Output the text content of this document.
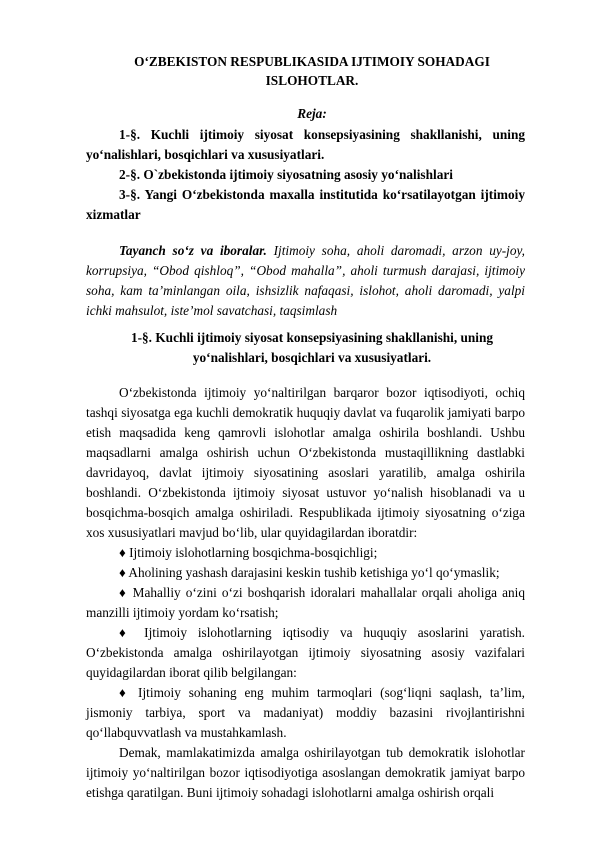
O‘ZBEKISTON RESPUBLIKASIDA IJTIMOIY SOHADAGI
ISLOHOTLAR.
Reja:
1-§. Kuchli ijtimoiy siyosat konsepsiyasining shakllanishi, uning yo‘nalishlari, bosqichlari va xususiyatlari.
2-§. O`zbekistonda ijtimoiy siyosatning asosiy yo‘nalishlari
3-§. Yangi O‘zbekistonda maxalla institutida ko‘rsatilayotgan ijtimoiy xizmatlar
Tayanch so‘z va iboralar. Ijtimoiy soha, aholi daromadi, arzon uy-joy, korrupsiya, “Obod qishloq”, “Obod mahalla”, aholi turmush darajasi, ijtimoiy soha, kam ta’minlangan oila, ishsizlik nafaqasi, islohot, aholi daromadi, yalpi ichki mahsulot, iste’mol savatchasi, taqsimlash
1-§. Kuchli ijtimoiy siyosat konsepsiyasining shakllanishi, uning
yo‘nalishlari, bosqichlari va xususiyatlari.
O‘zbekistonda ijtimoiy yo‘naltirilgan barqaror bozor iqtisodiyoti, ochiq tashqi siyosatga ega kuchli demokratik huquqiy davlat va fuqarolik jamiyati barpo etish maqsadida keng qamrovli islohotlar amalga oshirila boshlandi. Ushbu maqsadlarni amalga oshirish uchun O‘zbekistonda mustaqillikning dastlabki davridayoq, davlat ijtimoiy siyosatining asoslari yaratilib, amalga oshirila boshlandi. O‘zbekistonda ijtimoiy siyosat ustuvor yo‘nalish hisoblanadi va u bosqichma-bosqich amalga oshiriladi. Respublikada ijtimoiy siyosatning o‘ziga xos xususiyatlari mavjud bo‘lib, ular quyidagilardan iboratdir:
♦ Ijtimoiy islohotlarning bosqichma-bosqichligi;
♦ Aholining yashash darajasini keskin tushib ketishiga yo‘l qo‘ymaslik;
♦ Mahalliy o‘zini o‘zi boshqarish idoralari mahallalar orqali aholiga aniq manzilli ijtimoiy yordam ko‘rsatish;
♦ Ijtimoiy islohotlarning iqtisodiy va huquqiy asoslarini yaratish. O‘zbekistonda amalga oshirilayotgan ijtimoiy siyosatning asosiy vazifalari quyidagilardan iborat qilib belgilangan:
♦ Ijtimoiy sohaning eng muhim tarmoqlari (sog‘liqni saqlash, ta’lim, jismoniy tarbiya, sport va madaniyat) moddiy bazasini rivojlantirishni qo‘llabquvvatlash va mustahkamlash.
Demak, mamlakatimizda amalga oshirilayotgan tub demokratik islohotlar ijtimoiy yo‘naltirilgan bozor iqtisodiyotiga asoslangan demokratik jamiyat barpo etishga qaratilgan. Buni ijtimoiy sohadagi islohotlarni amalga oshirish orqali
